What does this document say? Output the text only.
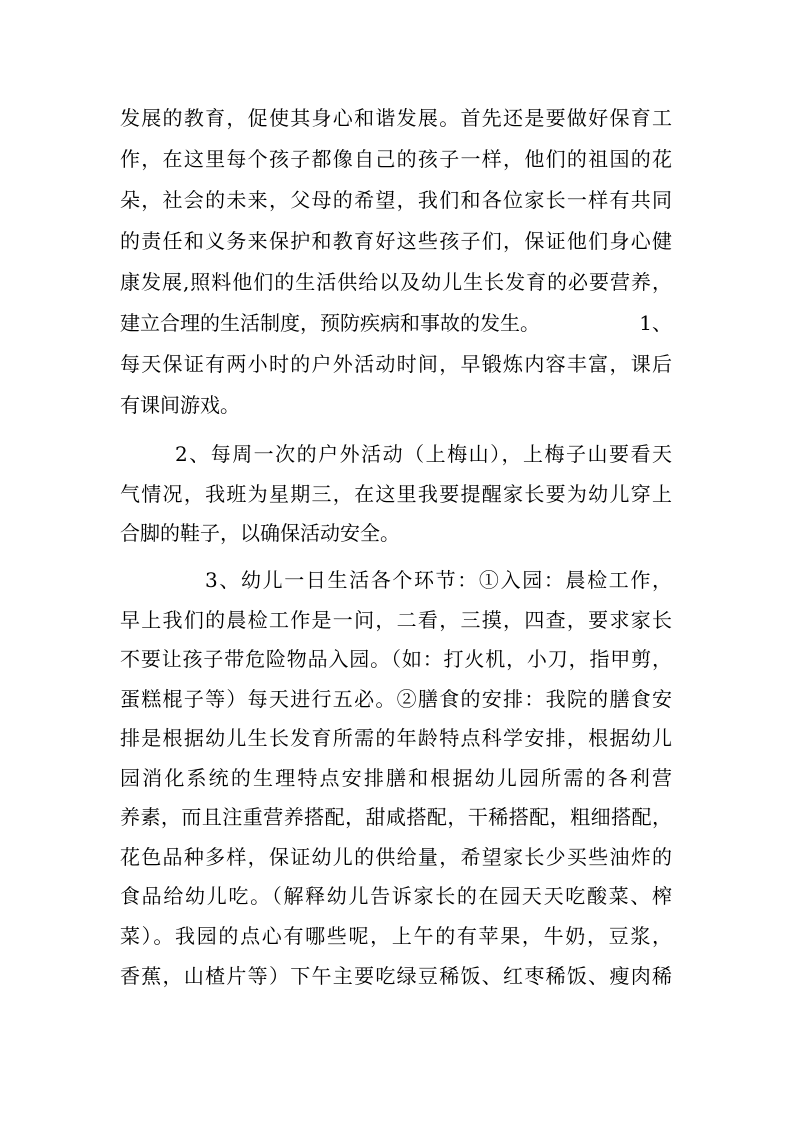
发展的教育，促使其身心和谐发展。首先还是要做好保育工
作，在这里每个孩子都像自己的孩子一样，他们的祖国的花
朵，社会的未来，父母的希望，我们和各位家长一样有共同
的责任和义务来保护和教育好这些孩子们，保证他们身心健
康发展,照料他们的生活供给以及幼儿生长发育的必要营养，
建立合理的生活制度，预防疾病和事故的发生。	1、
每天保证有两小时的户外活动时间，早锻炼内容丰富，课后
有课间游戏。
2、每周一次的户外活动（上梅山），上梅子山要看天
气情况，我班为星期三，在这里我要提醒家长要为幼儿穿上
合脚的鞋子，以确保活动安全。
3、幼儿一日生活各个环节：①入园：晨检工作，
早上我们的晨检工作是一问，二看，三摸，四查，要求家长
不要让孩子带危险物品入园。（如：打火机，小刀，指甲剪，
蛋糕棍子等）每天进行五必。②膳食的安排：我院的膳食安
排是根据幼儿生长发育所需的年龄特点科学安排，根据幼儿
园消化系统的生理特点安排膳和根据幼儿园所需的各利营
养素，而且注重营养搭配，甜咸搭配，干稀搭配，粗细搭配，
花色品种多样，保证幼儿的供给量，希望家长少买些油炸的
食品给幼儿吃。（解释幼儿告诉家长的在园天天吃酸菜、榨
菜）。我园的点心有哪些呢，上午的有苹果，牛奶，豆浆，
香蕉，山楂片等）下午主要吃绿豆稀饭、红枣稀饭、瘦肉稀
